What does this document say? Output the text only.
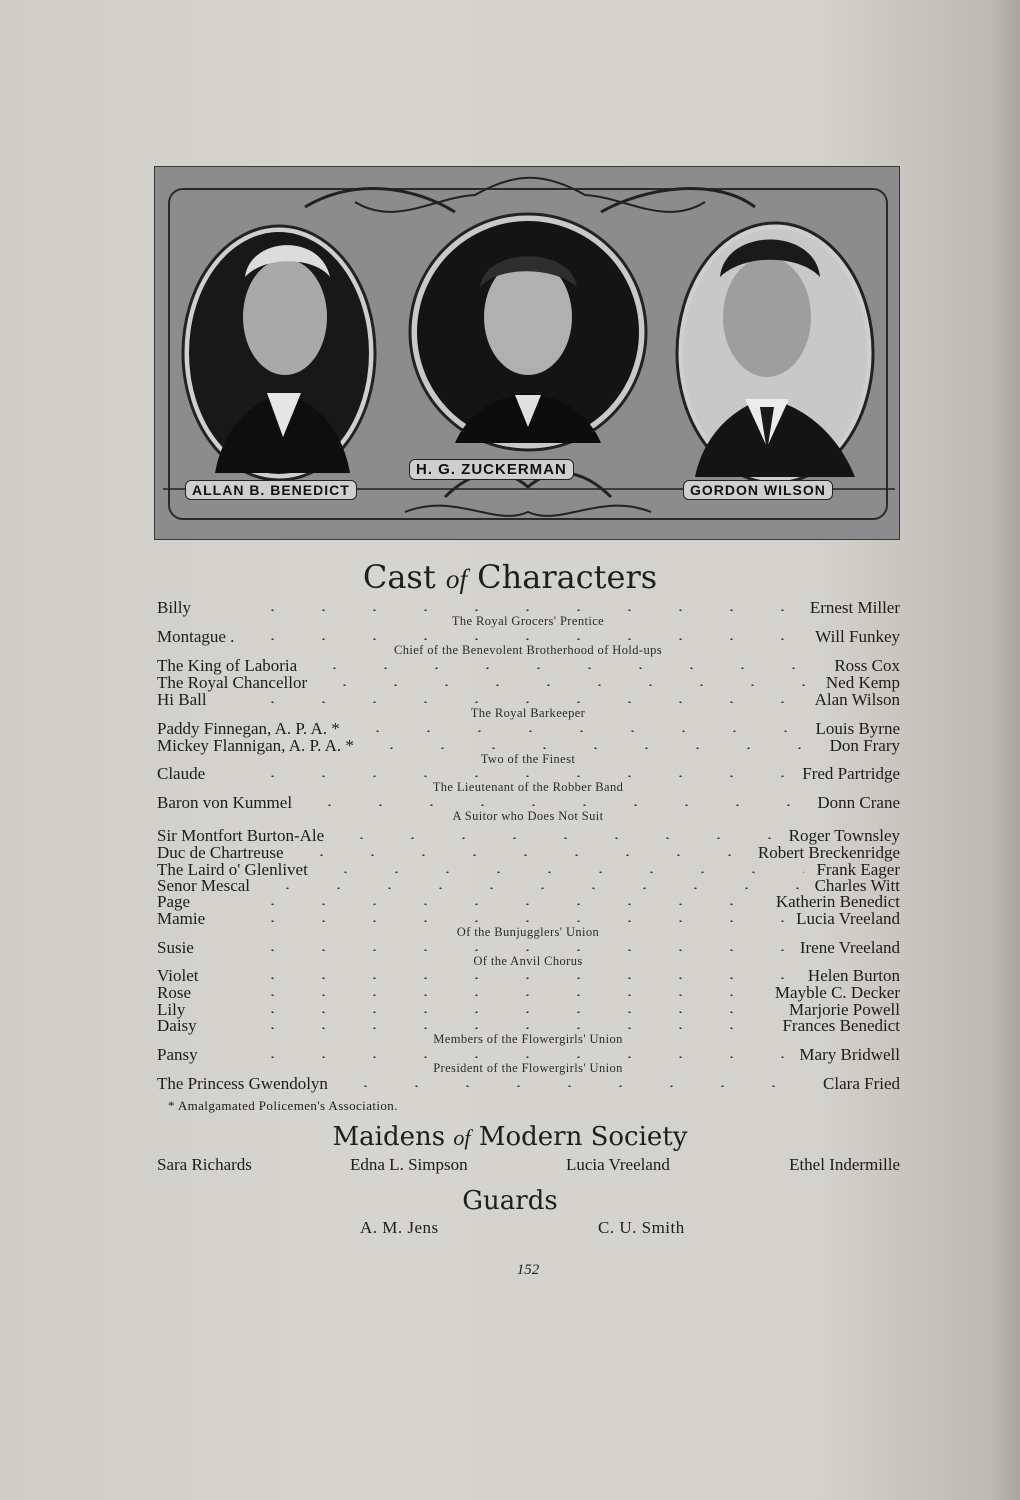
ALLAN B. BENEDICT
H. G. ZUCKERMAN
GORDON WILSON
Cast of Characters
Billy	Ernest Miller
The Royal Grocers' Prentice
Montague .	Will Funkey
Chief of the Benevolent Brotherhood of Hold-ups
The King of Laboria	Ross Cox
The Royal Chancellor	Ned Kemp
Hi Ball	Alan Wilson
The Royal Barkeeper
Paddy Finnegan, A. P. A. *	Louis Byrne
Mickey Flannigan, A. P. A. *	Don Frary
Two of the Finest
Claude	Fred Partridge
The Lieutenant of the Robber Band
Baron von Kummel	Donn Crane
A Suitor who Does Not Suit
Sir Montfort Burton-Ale	Roger Townsley
Duc de Chartreuse	Robert Breckenridge
The Laird o' Glenlivet	Frank Eager
Senor Mescal	Charles Witt
Page	Katherin Benedict
Mamie	Lucia Vreeland
Of the Bunjugglers' Union
Susie	Irene Vreeland
Of the Anvil Chorus
Violet	Helen Burton
Rose	Mayble C. Decker
Lily	Marjorie Powell
Daisy	Frances Benedict
Members of the Flowergirls' Union
Pansy	Mary Bridwell
President of the Flowergirls' Union
The Princess Gwendolyn	Clara Fried
* Amalgamated Policemen's Association.
Maidens of Modern Society
Sara Richards	Edna L. Simpson	Lucia Vreeland	Ethel Indermille
Guards
A. M. Jens	C. U. Smith
152
